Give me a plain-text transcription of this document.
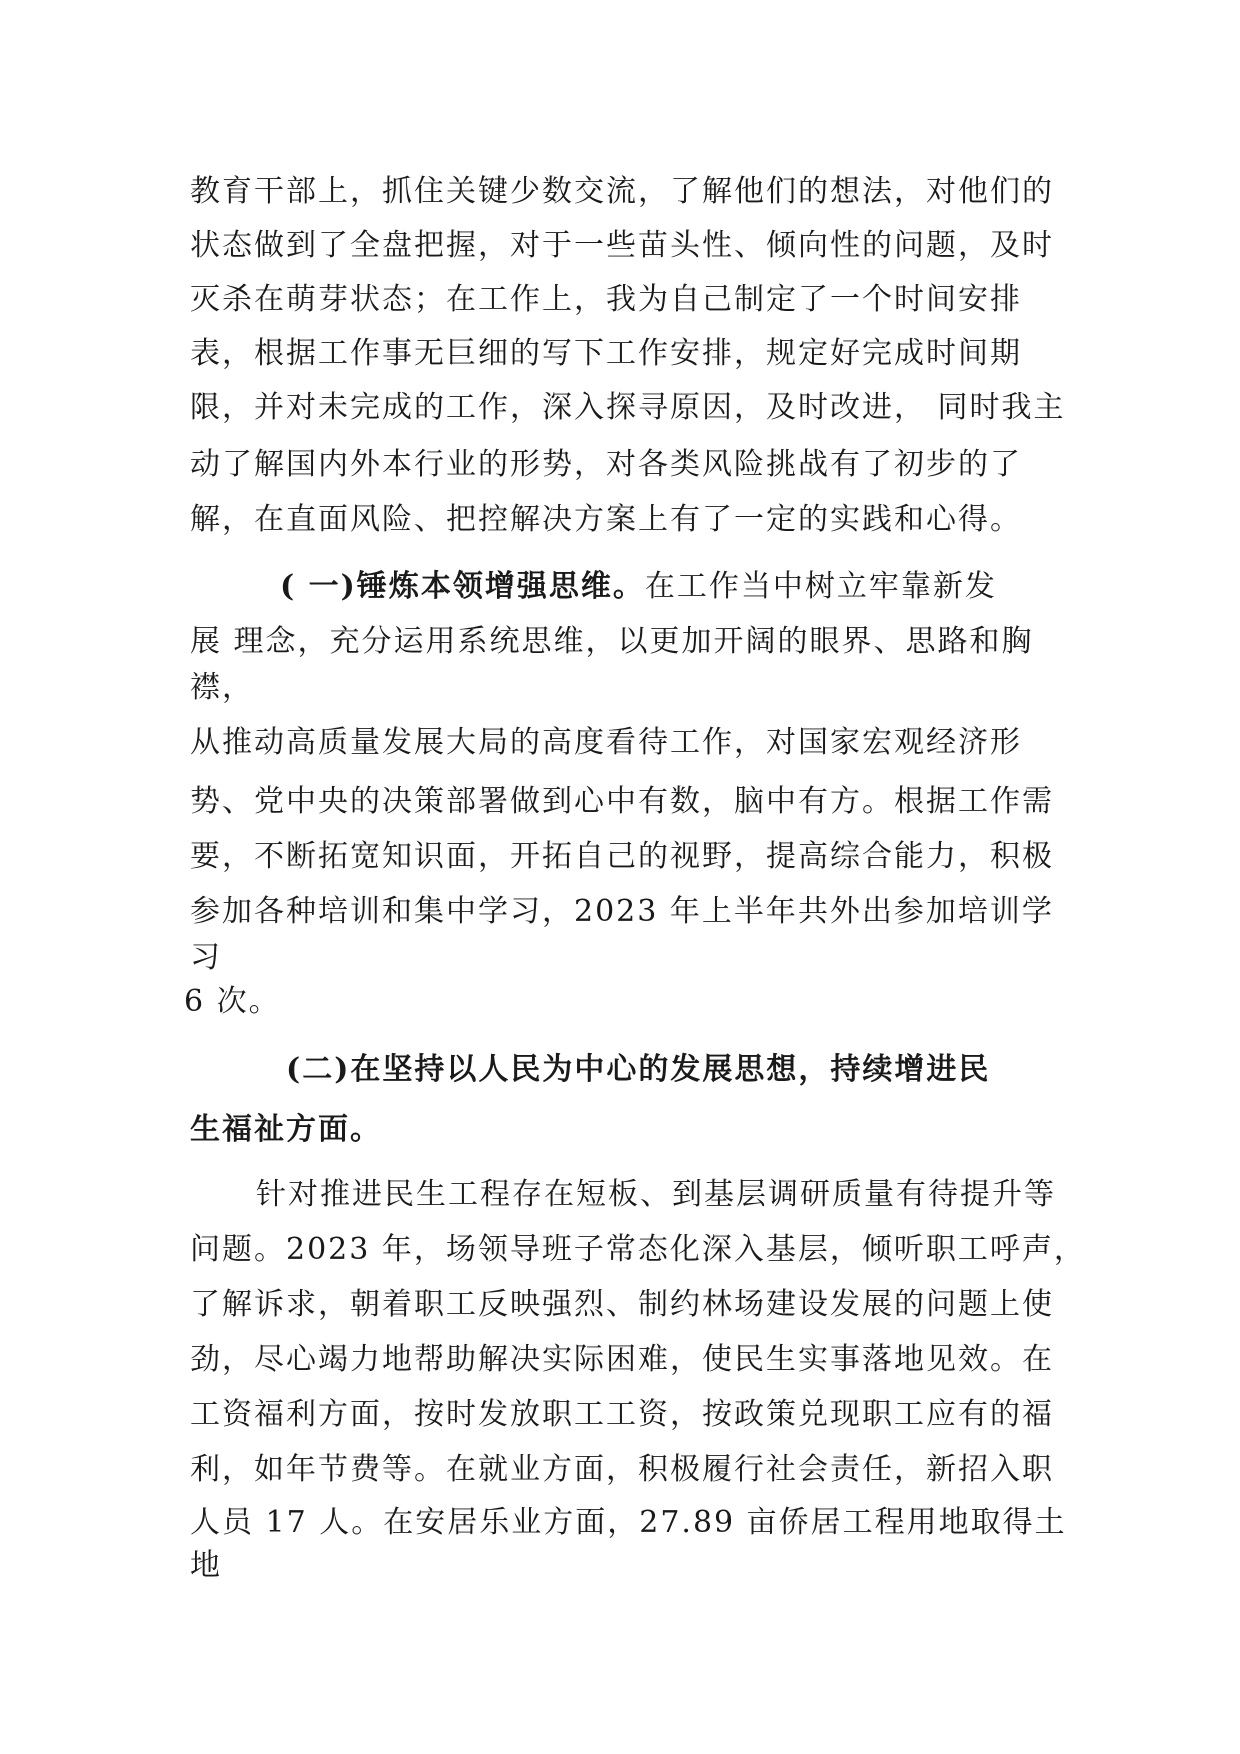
教育干部上，抓住关键少数交流，了解他们的想法，对他们的
状态做到了全盘把握，对于一些苗头性、倾向性的问题，及时
灭杀在萌芽状态；在工作上，我为自己制定了一个时间安排
表，根据工作事无巨细的写下工作安排，规定好完成时间期
限，并对未完成的工作，深入探寻原因，及时改进， 同时我主
动了解国内外本行业的形势，对各类风险挑战有了初步的了
解，在直面风险、把控解决方案上有了一定的实践和心得。
( 一)锤炼本领增强思维。在工作当中树立牢靠新发
展 理念，充分运用系统思维，以更加开阔的眼界、思路和胸
襟，
从推动高质量发展大局的高度看待工作，对国家宏观经济形
势、党中央的决策部署做到心中有数，脑中有方。根据工作需
要，不断拓宽知识面，开拓自己的视野，提高综合能力，积极
参加各种培训和集中学习，2023 年上半年共外出参加培训学
习
6 次。
(二)在坚持以人民为中心的发展思想，持续增进民
生福祉方面。
针对推进民生工程存在短板、到基层调研质量有待提升等
问题。2023 年，场领导班子常态化深入基层，倾听职工呼声，
了解诉求，朝着职工反映强烈、制约林场建设发展的问题上使
劲，尽心竭力地帮助解决实际困难，使民生实事落地见效。在
工资福利方面，按时发放职工工资，按政策兑现职工应有的福
利，如年节费等。在就业方面，积极履行社会责任，新招入职
人员 17 人。在安居乐业方面，27.89 亩侨居工程用地取得土
地
